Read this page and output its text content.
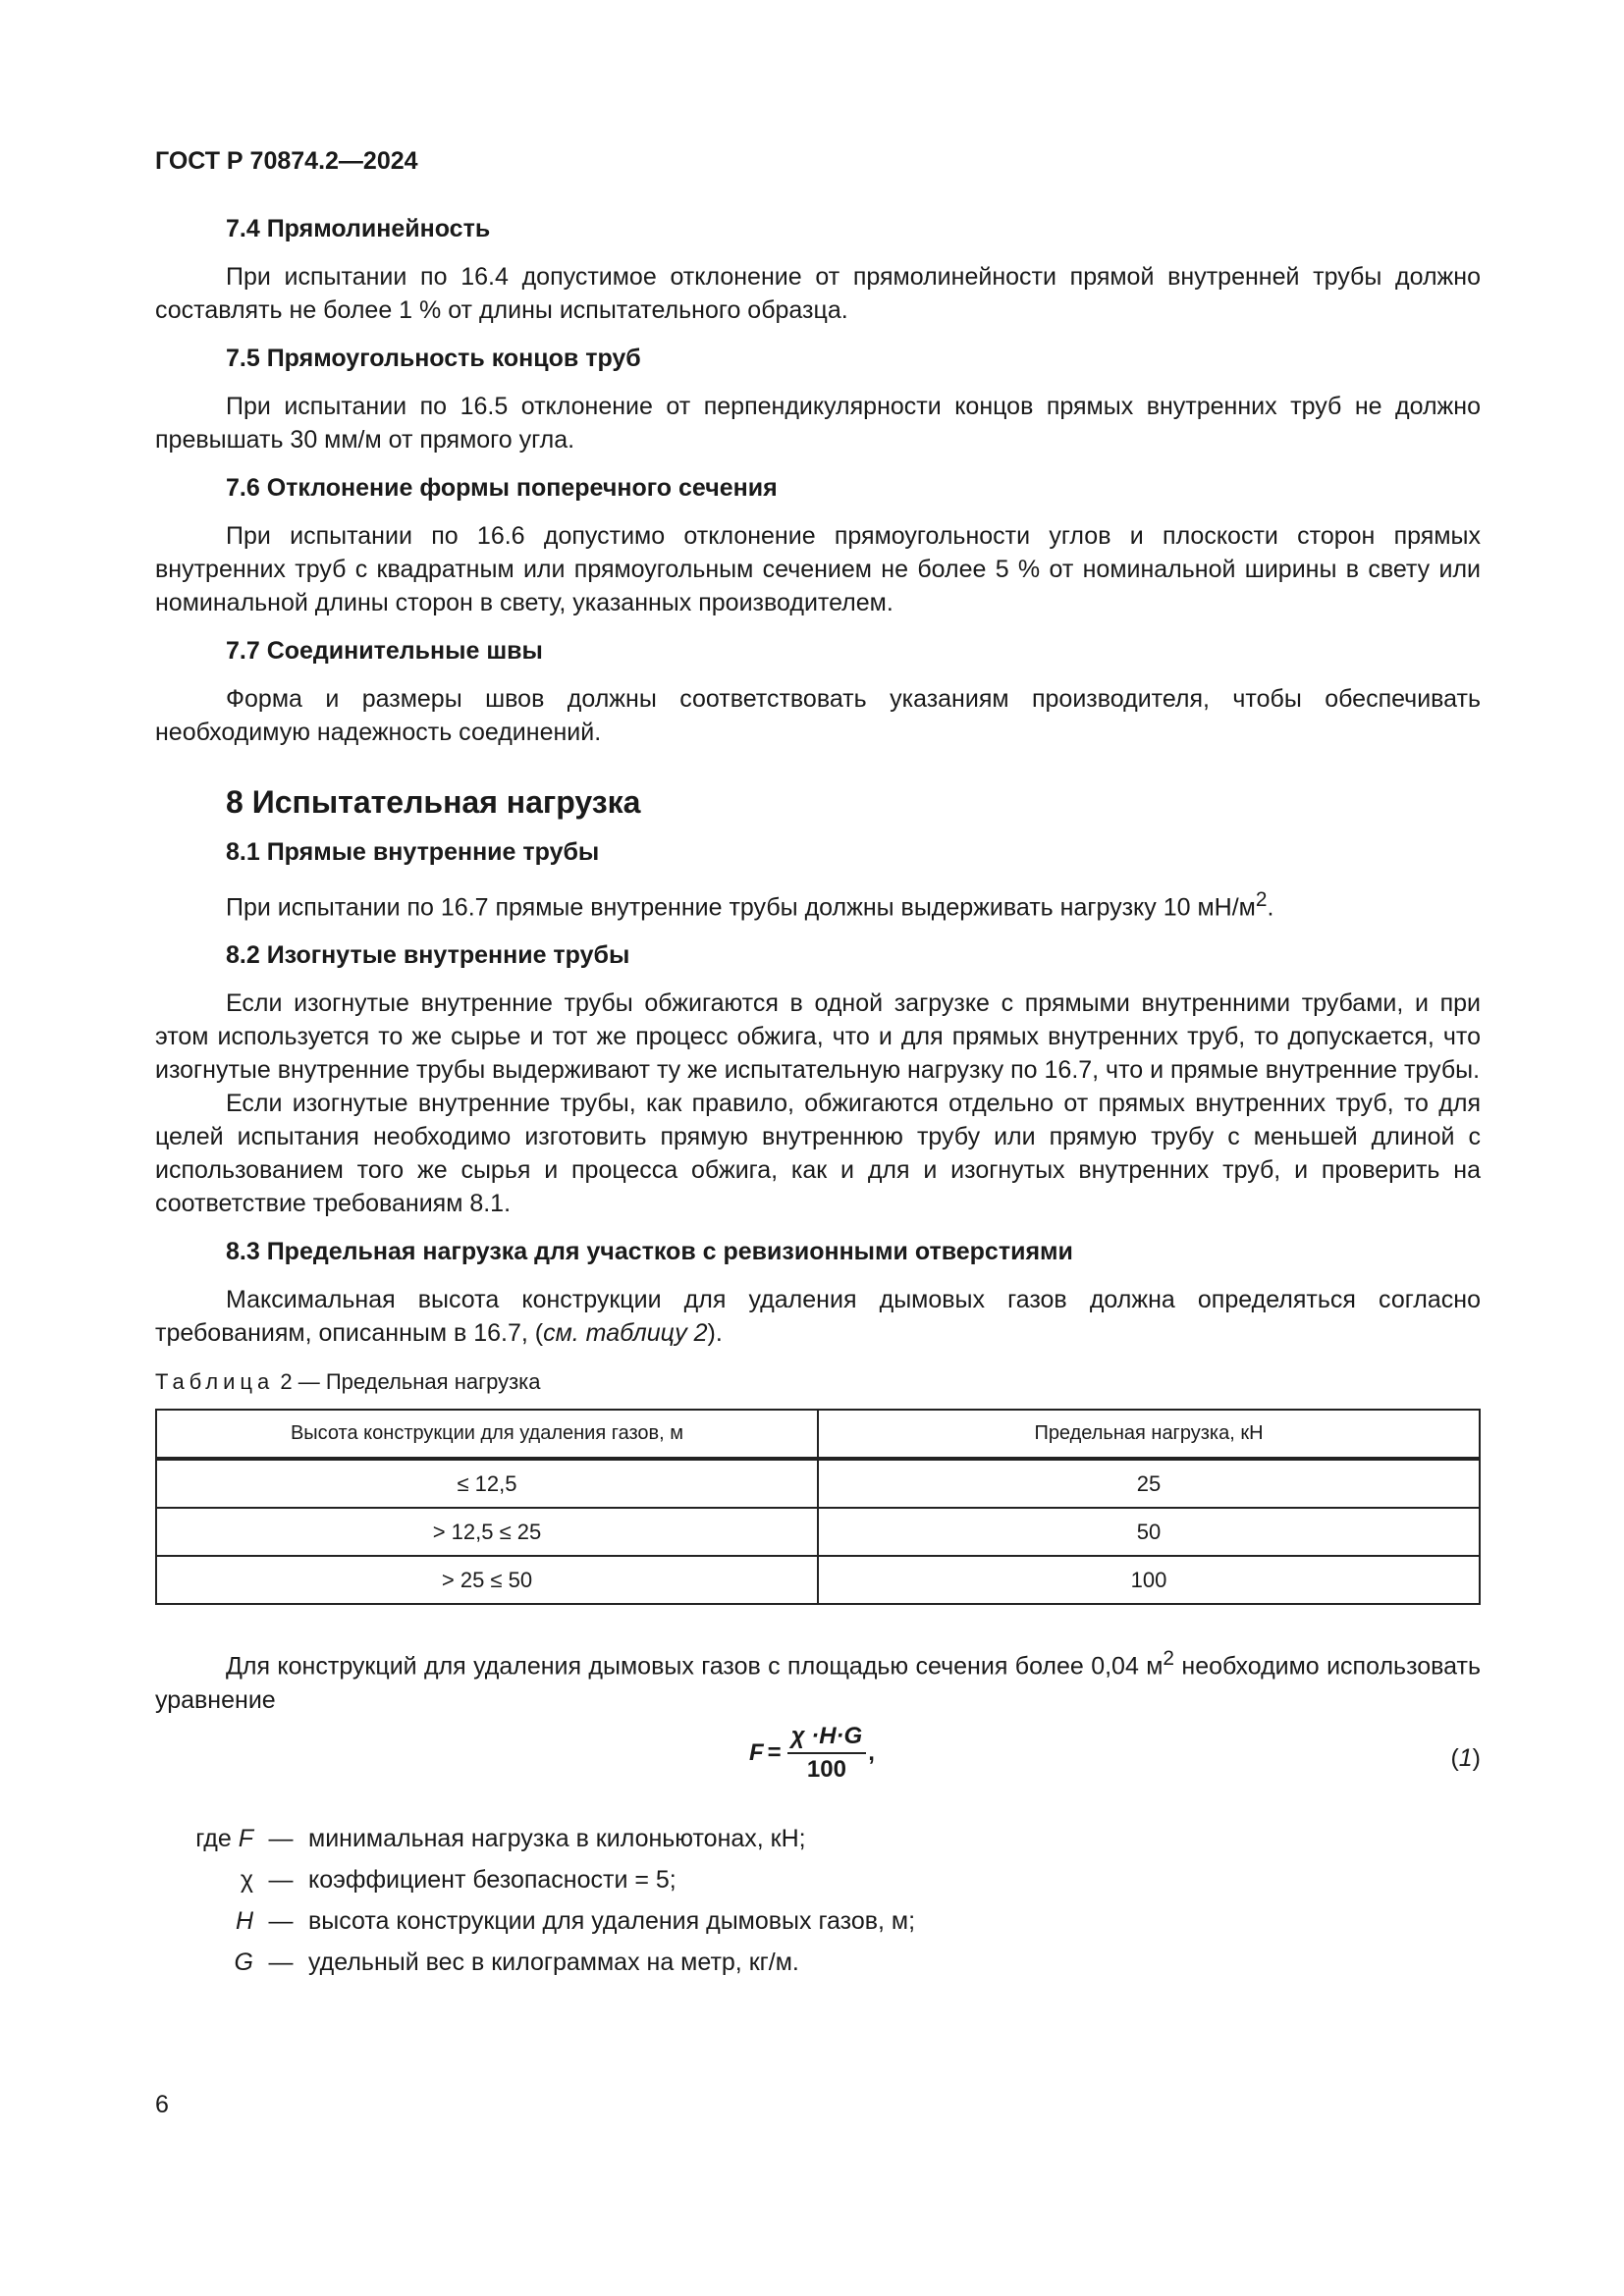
ГОСТ Р 70874.2—2024
7.4 Прямолинейность

При испытании по 16.4 допустимое отклонение от прямолинейности прямой внутренней трубы должно составлять не более 1 % от длины испытательного образца.

7.5 Прямоугольность концов труб

При испытании по 16.5 отклонение от перпендикулярности концов прямых внутренних труб не должно превышать 30 мм/м от прямого угла.

7.6 Отклонение формы поперечного сечения

При испытании по 16.6 допустимо отклонение прямоугольности углов и плоскости сторон прямых внутренних труб с квадратным или прямоугольным сечением не более 5 % от номинальной ширины в свету или номинальной длины сторон в свету, указанных производителем.

7.7 Соединительные швы

Форма и размеры швов должны соответствовать указаниям производителя, чтобы обеспечивать необходимую надежность соединений.

8 Испытательная нагрузка
8.1 Прямые внутренние трубы

При испытании по 16.7 прямые внутренние трубы должны выдерживать нагрузку 10 $мН/м^2$.

8.2 Изогнутые внутренние трубы

Если изогнутые внутренние трубы обжигаются в одной загрузке с прямыми внутренними трубами, и при этом используется то же сырье и тот же процесс обжига, что и для прямых внутренних труб, то допускается, что изогнутые внутренние трубы выдерживают ту же испытательную нагрузку по 16.7, что и прямые внутренние трубы.

Если изогнутые внутренние трубы, как правило, обжигаются отдельно от прямых внутренних труб, то для целей испытания необходимо изготовить прямую внутреннюю трубу или прямую трубу с меньшей длиной с использованием того же сырья и процесса обжига, как и для и изогнутых внутренних труб, и проверить на соответствие требованиям 8.1.

8.3 Предельная нагрузка для участков с ревизионными отверстиями

Максимальная высота конструкции для удаления дымовых газов должна определяться согласно требованиям, описанным в 16.7, (см. таблицу 2).

Таблица 2 — Предельная нагрузка
Высота конструкции для удаления газов, м	Предельная нагрузка, кН
≤ 12,5	25
> 12,5 ≤ 25	50
> 25 ≤ 50	100

Для конструкций для удаления дымовых газов с площадью сечения более 0,04 $м^2$ необходимо использовать уравнение

$F = \frac{\chi \cdot H\cdot G}{100}$ ,	(1)
где F — минимальная нагрузка в килоньютонах, кН;
χ — коэффициент безопасности = 5;
H — высота конструкции для удаления дымовых газов, м;
G — удельный вес в килограммах на метр, кг/м.
6
